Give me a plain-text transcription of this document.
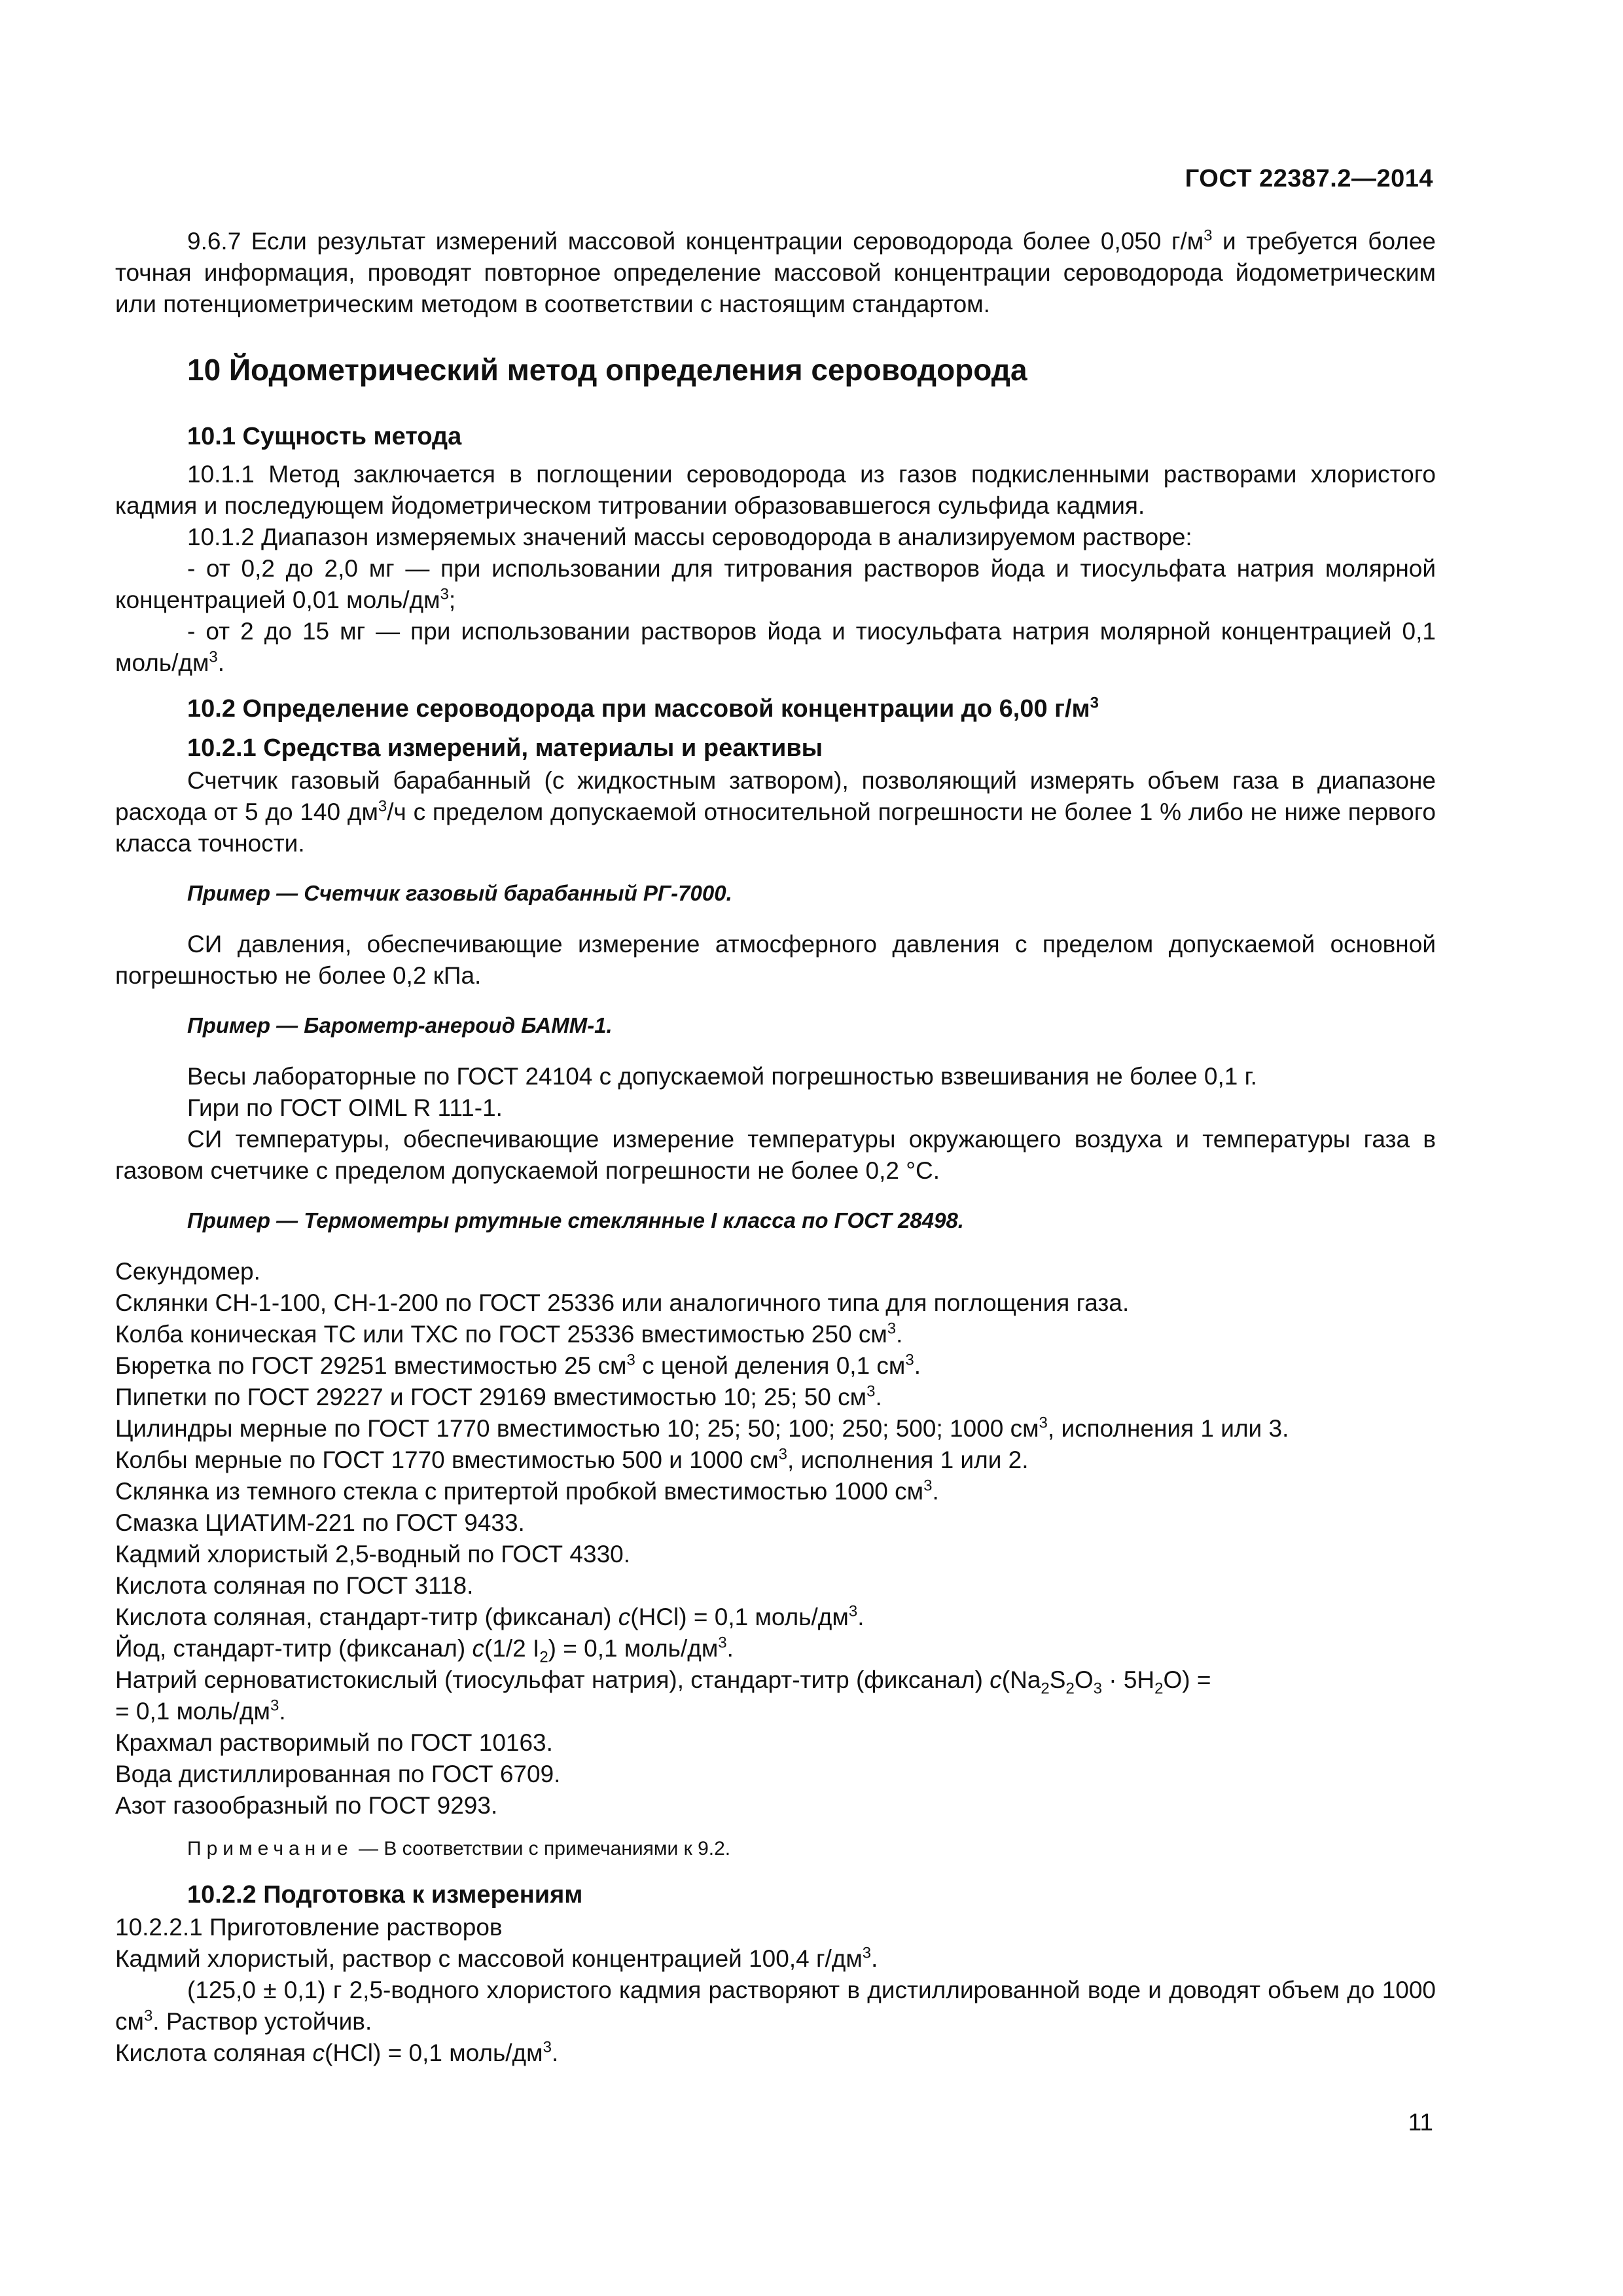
ГОСТ 22387.2—2014

9.6.7 Если результат измерений массовой концентрации сероводорода более 0,050 $г/м^3$ и требуется более точная информация, проводят повторное определение массовой концентрации сероводорода йодометрическим или потенциометрическим методом в соответствии с настоящим стандартом.

10 Йодометрический метод определения сероводорода
10.1 Сущность метода

10.1.1 Метод заключается в поглощении сероводорода из газов подкисленными растворами хлористого кадмия и последующем йодометрическом титровании образовавшегося сульфида кадмия.

10.1.2 Диапазон измеряемых значений массы сероводорода в анализируемом растворе:

- от 0,2 до 2,0 мг — при использовании для титрования растворов йода и тиосульфата натрия молярной концентрацией 0,01 моль/$дм^3$;

- от 2 до 15 мг — при использовании растворов йода и тиосульфата натрия молярной концентрацией 0,1 моль/$дм^3$.

10.2 Определение сероводорода при массовой концентрации до 6,00 $г/м^3$
10.2.1 Средства измерений, материалы и реактивы

Счетчик газовый барабанный (с жидкостным затвором), позволяющий измерять объем газа в диапазоне расхода от 5 до 140 $дм^3/ч$ с пределом допускаемой относительной погрешности не более 1 % либо не ниже первого класса точности.

Пример — Счетчик газовый барабанный РГ-7000.

СИ давления, обеспечивающие измерение атмосферного давления с пределом допускаемой основной погрешностью не более 0,2 кПа.

Пример — Барометр-анероид БАММ-1.

Весы лабораторные по ГОСТ 24104 с допускаемой погрешностью взвешивания не более 0,1 г.

Гири по ГОСТ OIML R 111-1.

СИ температуры, обеспечивающие измерение температуры окружающего воздуха и температуры газа в газовом счетчике с пределом допускаемой погрешности не более 0,2 °С.

Пример — Термометры ртутные стеклянные I класса по ГОСТ 28498.

Секундомер.

Склянки СН-1-100, СН-1-200 по ГОСТ 25336 или аналогичного типа для поглощения газа.

Колба коническая ТС или ТХС по ГОСТ 25336 вместимостью 250 $см^3$.

Бюретка по ГОСТ 29251 вместимостью 25 $см^3$ с ценой деления 0,1 $см^3$.

Пипетки по ГОСТ 29227 и ГОСТ 29169 вместимостью 10; 25; 50 $см^3$.

Цилиндры мерные по ГОСТ 1770 вместимостью 10; 25; 50; 100; 250; 500; 1000 $см^3$, исполнения 1 или 3.

Колбы мерные по ГОСТ 1770 вместимостью 500 и 1000 $см^3$, исполнения 1 или 2.

Склянка из темного стекла с притертой пробкой вместимостью 1000 $см^3$.

Смазка ЦИАТИМ-221 по ГОСТ 9433.

Кадмий хлористый 2,5-водный по ГОСТ 4330.

Кислота соляная по ГОСТ 3118.

Кислота соляная, стандарт-титр (фиксанал) c(HCl) = 0,1 моль/$дм^3$.

Йод, стандарт-титр (фиксанал) c(1/2 $I_2) = 0,1$ моль/$дм^3$.

Натрий серноватистокислый (тиосульфат натрия), стандарт-титр (фиксанал) $c(Na_2S_2O_3 \cdot 5H_2O)$ =

= 0,1 моль/$дм^3$.

Крахмал растворимый по ГОСТ 10163.

Вода дистиллированная по ГОСТ 6709.

Азот газообразный по ГОСТ 9293.

Примечание — В соответствии с примечаниями к 9.2.
10.2.2 Подготовка к измерениям

10.2.2.1 Приготовление растворов

Кадмий хлористый, раствор с массовой концентрацией 100,4 $г/дм^3$.

(125,0 ± 0,1) г 2,5-водного хлористого кадмия растворяют в дистиллированной воде и доводят объем до 1000 $см^3$. Раствор устойчив.

Кислота соляная c(HCl) = 0,1 моль/$дм^3$.

11
